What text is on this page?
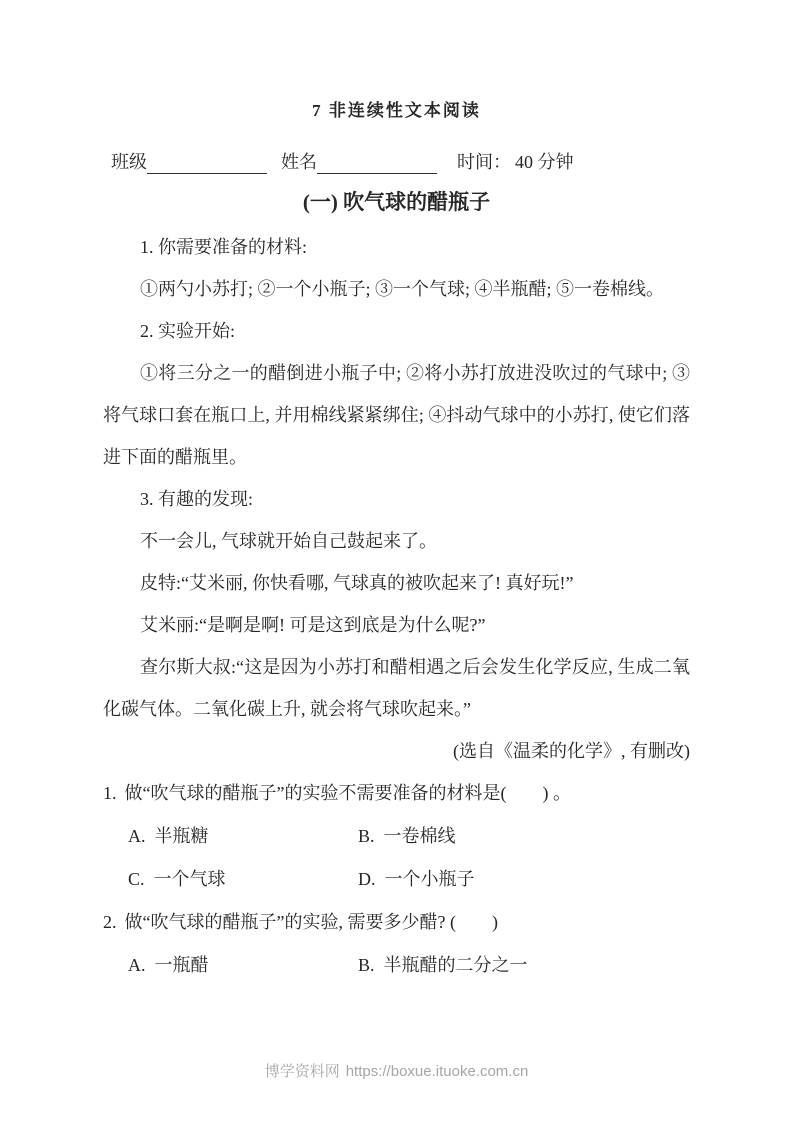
7 非连续性文本阅读
班级	姓名	时间： 40 分钟
(一) 吹气球的醋瓶子

1. 你需要准备的材料:

①两勺小苏打; ②一个小瓶子; ③一个气球; ④半瓶醋; ⑤一卷棉线。

2. 实验开始:

①将三分之一的醋倒进小瓶子中; ②将小苏打放进没吹过的气球中; ③将气球口套在瓶口上, 并用棉线紧紧绑住; ④抖动气球中的小苏打, 使它们落进下面的醋瓶里。

3. 有趣的发现:

不一会儿, 气球就开始自己鼓起来了。

皮特:“艾米丽, 你快看哪, 气球真的被吹起来了! 真好玩!”

艾米丽:“是啊是啊! 可是这到底是为什么呢?”

查尔斯大叔:“这是因为小苏打和醋相遇之后会发生化学反应, 生成二氧化碳气体。二氧化碳上升, 就会将气球吹起来。”

(选自《温柔的化学》, 有删改)

1. 做“吹气球的醋瓶子”的实验不需要准备的材料是(　　) 。

A. 半瓶糖	B. 一卷棉线
C. 一个气球	D. 一个小瓶子

2. 做“吹气球的醋瓶子”的实验, 需要多少醋? (　　)

A. 一瓶醋	B. 半瓶醋的二分之一
博学资料网 https://boxue.ituoke.com.cn
